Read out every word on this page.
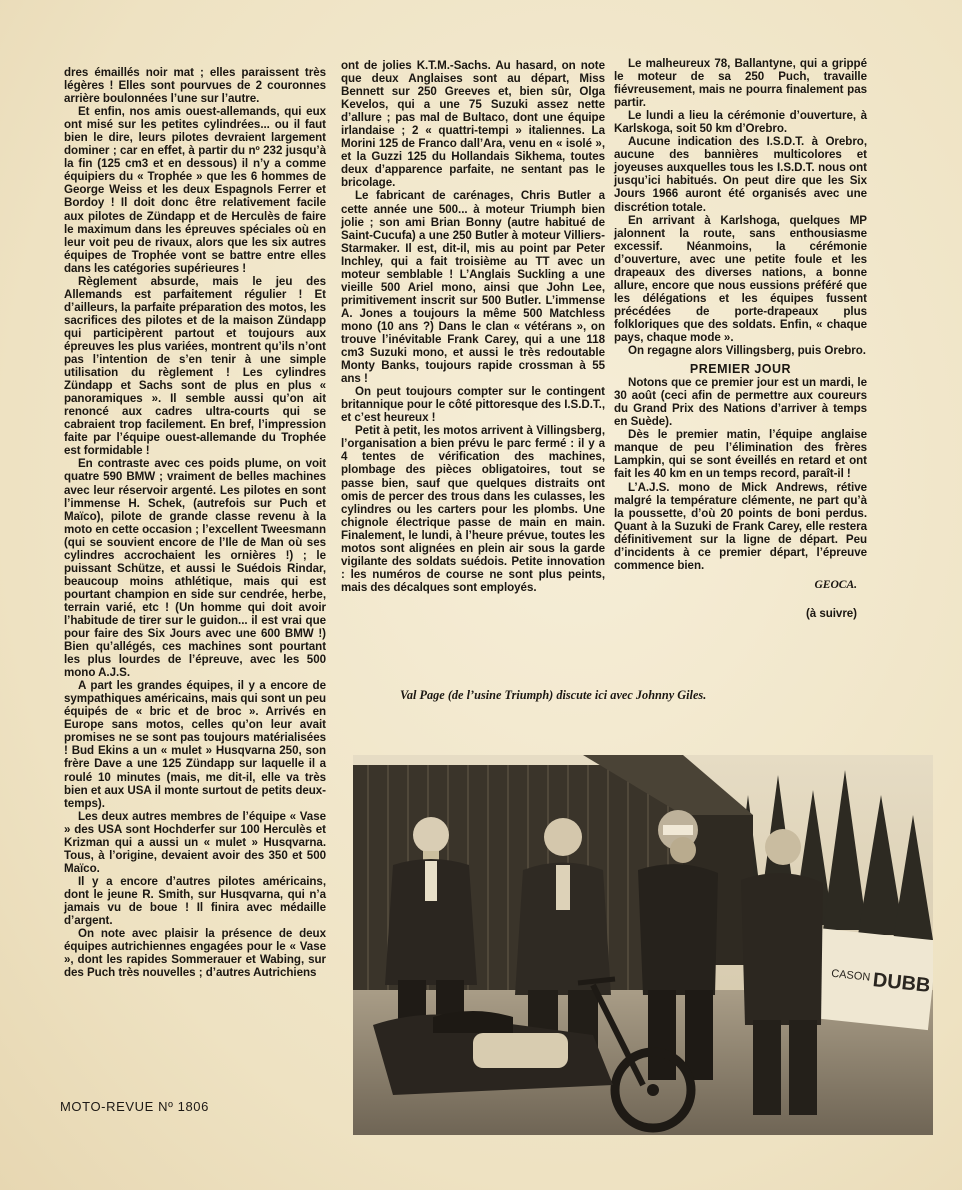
dres émaillés noir mat ; elles paraissent très légères ! Elles sont pourvues de 2 couronnes arrière boulonnées l’une sur l’autre.

Et enfin, nos amis ouest-allemands, qui eux ont misé sur les petites cylindrées... ou il faut bien le dire, leurs pilotes devraient largement dominer ; car en effet, à partir du nº 232 jusqu’à la fin (125 cm3 et en dessous) il n’y a comme équipiers du « Trophée » que les 6 hommes de George Weiss et les deux Espagnols Ferrer et Bordoy ! Il doit donc être relativement facile aux pilotes de Zündapp et de Herculès de faire le maximum dans les épreuves spéciales où en leur voit peu de rivaux, alors que les six autres équipes de Trophée vont se battre entre elles dans les catégories supérieures !

Règlement absurde, mais le jeu des Allemands est parfaitement régulier ! Et d’ailleurs, la parfaite préparation des motos, les sacrifices des pilotes et de la maison Zündapp qui participèrent partout et toujours aux épreuves les plus variées, montrent qu’ils n’ont pas l’intention de s’en tenir à une simple utilisation du règlement ! Les cylindres Zündapp et Sachs sont de plus en plus « panoramiques ». Il semble aussi qu’on ait renoncé aux cadres ultra-courts qui se cabraient trop facilement. En bref, l’impression faite par l’équipe ouest-allemande du Trophée est formidable !

En contraste avec ces poids plume, on voit quatre 590 BMW ; vraiment de belles machines avec leur réservoir argenté. Les pilotes en sont l’immense H. Schek, (autrefois sur Puch et Maïco), pilote de grande classe revenu à la moto en cette occasion ; l’excellent Tweesmann (qui se souvient encore de l’Ile de Man où ses cylindres accrochaient les ornières !) ; le puissant Schütze, et aussi le Suédois Rindar, beaucoup moins athlétique, mais qui est pourtant champion en side sur cendrée, herbe, terrain varié, etc ! (Un homme qui doit avoir l’habitude de tirer sur le guidon... il est vrai que pour faire des Six Jours avec une 600 BMW !) Bien qu’allégés, ces machines sont pourtant les plus lourdes de l’épreuve, avec les 500 mono A.J.S.

A part les grandes équipes, il y a encore de sympathiques américains, mais qui sont un peu équipés de « bric et de broc ». Arrivés en Europe sans motos, celles qu’on leur avait promises ne se sont pas toujours matérialisées ! Bud Ekins a un « mulet » Husqvarna 250, son frère Dave a une 125 Zündapp sur laquelle il a roulé 10 minutes (mais, me dit-il, elle va très bien et aux USA il monte surtout de petits deux-temps).

Les deux autres membres de l’équipe « Vase » des USA sont Hochderfer sur 100 Herculès et Krizman qui a aussi un « mulet » Husqvarna. Tous, à l’origine, devaient avoir des 350 et 500 Maïco.

Il y a encore d’autres pilotes américains, dont le jeune R. Smith, sur Husqvarna, qui n’a jamais vu de boue ! Il finira avec médaille d’argent.

On note avec plaisir la présence de deux équipes autrichiennes engagées pour le « Vase », dont les rapides Sommerauer et Wabing, sur des Puch très nouvelles ; d’autres Autrichiens

ont de jolies K.T.M.-Sachs. Au hasard, on note que deux Anglaises sont au départ, Miss Bennett sur 250 Greeves et, bien sûr, Olga Kevelos, qui a une 75 Suzuki assez nette d’allure ; pas mal de Bultaco, dont une équipe irlandaise ; 2 « quattri-tempi » italiennes. La Morini 125 de Franco dall’Ara, venu en « isolé », et la Guzzi 125 du Hollandais Sikhema, toutes deux d’apparence parfaite, ne sentant pas le bricolage.

Le fabricant de carénages, Chris Butler a cette année une 500... à moteur Triumph bien jolie ; son ami Brian Bonny (autre habitué de Saint-Cucufa) a une 250 Butler à moteur Villiers-Starmaker. Il est, dit-il, mis au point par Peter Inchley, qui a fait troisième au TT avec un moteur semblable ! L’Anglais Suckling a une vieille 500 Ariel mono, ainsi que John Lee, primitivement inscrit sur 500 Butler. L’immense A. Jones a toujours la même 500 Matchless mono (10 ans ?) Dans le clan « vétérans », on trouve l’inévitable Frank Carey, qui a une 118 cm3 Suzuki mono, et aussi le très redoutable Monty Banks, toujours rapide crossman à 55 ans !

On peut toujours compter sur le contingent britannique pour le côté pittoresque des I.S.D.T., et c’est heureux !

Petit à petit, les motos arrivent à Villingsberg, l’organisation a bien prévu le parc fermé : il y a 4 tentes de vérification des machines, plombage des pièces obligatoires, tout se passe bien, sauf que quelques distraits ont omis de percer des trous dans les culasses, les cylindres ou les carters pour les plombs. Une chignole électrique passe de main en main. Finalement, le lundi, à l’heure prévue, toutes les motos sont alignées en plein air sous la garde vigilante des soldats suédois. Petite innovation : les numéros de course ne sont plus peints, mais des décalques sont employés.

Le malheureux 78, Ballantyne, qui a grippé le moteur de sa 250 Puch, travaille fiévreusement, mais ne pourra finalement pas partir.

Le lundi a lieu la cérémonie d’ouverture, à Karlskoga, soit 50 km d’Orebro.

Aucune indication des I.S.D.T. à Orebro, aucune des bannières multicolores et joyeuses auxquelles tous les I.S.D.T. nous ont jusqu’ici habitués. On peut dire que les Six Jours 1966 auront été organisés avec une discrétion totale.

En arrivant à Karlshoga, quelques MP jalonnent la route, sans enthousiasme excessif. Néanmoins, la cérémonie d’ouverture, avec une petite foule et les drapeaux des diverses nations, a bonne allure, encore que nous eussions préféré que les délégations et les équipes fussent précédées de porte-drapeaux plus folkloriques que des soldats. Enfin, « chaque pays, chaque mode ».

On regagne alors Villingsberg, puis Orebro.

PREMIER JOUR

Notons que ce premier jour est un mardi, le 30 août (ceci afin de permettre aux coureurs du Grand Prix des Nations d’arriver à temps en Suède).

Dès le premier matin, l’équipe anglaise manque de peu l’élimination des frères Lampkin, qui se sont éveillés en retard et ont fait les 40 km en un temps record, paraît-il !

L’A.J.S. mono de Mick Andrews, rétive malgré la température clémente, ne part qu’à la poussette, d’où 20 points de boni perdus. Quant à la Suzuki de Frank Carey, elle restera définitivement sur la ligne de départ. Peu d’incidents à ce premier départ, l’épreuve commence bien.

GEOCA.
(à suivre)
Val Page (de l’usine Triumph) discute ici avec Johnny Giles.
CASON DUBB
MOTO-REVUE Nº 1806
